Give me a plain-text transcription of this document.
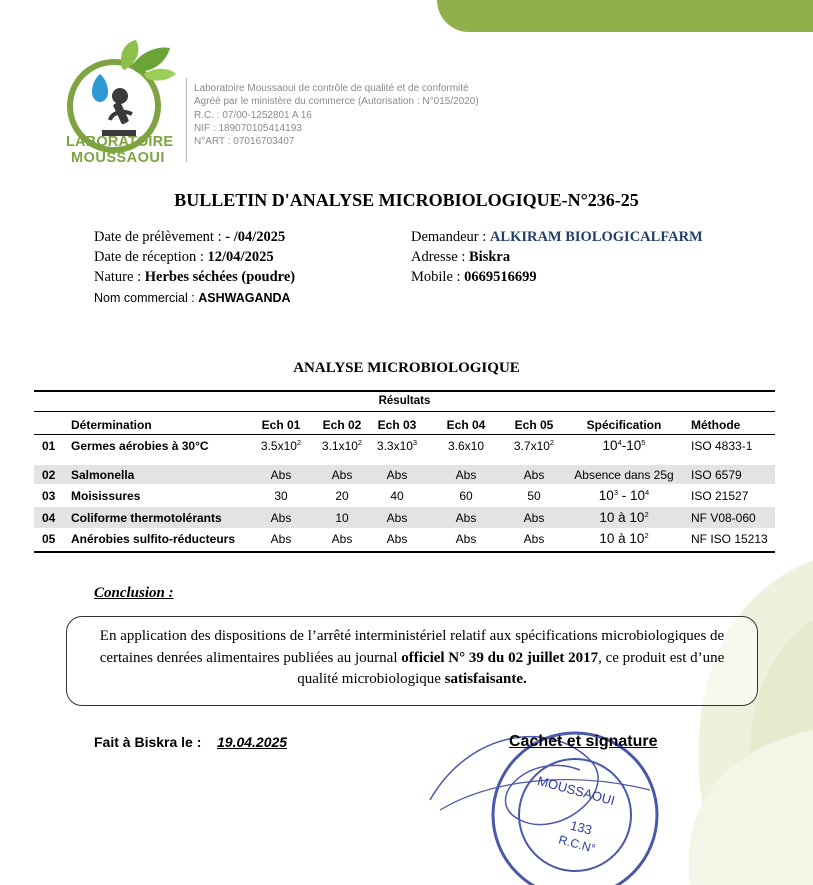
LABORATOIRE
MOUSSAOUI
Laboratoire Moussaoui de contrôle de qualité et de conformité
Agréé par le ministère du commerce (Autorisation : N°015/2020)
R.C. : 07/00-1252801 A 16
NIF : 189070105414193
N°ART : 07016703407
BULLETIN D'ANALYSE MICROBIOLOGIQUE-N°236-25
Date de prélèvement : - /04/2025
Date de réception : 12/04/2025
Nature : Herbes séchées (poudre)
Nom commercial : ASHWAGANDA
Demandeur : ALKIRAM BIOLOGICALFARM
Adresse : Biskra
Mobile : 0669516699
ANALYSE MICROBIOLOGIQUE
Résultats
Détermination	Ech 01	Ech 02	Ech 03	Ech 04	Ech 05	Spécification	Méthode
01 Germes aérobies à 30°C	$3.5x10^2$	$3.1x10^2$	$3.3x10^3$	3.6x10	$3.7x10^2$	$10^4-10^5$	ISO 4833-1
02 Salmonella	Abs	Abs	Abs	Abs	Abs	Absence dans 25g	ISO 6579
03 Moisissures	30	20	40	60	50	$10^3 - 10^4$	ISO 21527
04 Coliforme thermotolérants	Abs	10	Abs	Abs	Abs	10 à $10^2$	NF V08-060
05 Anérobies sulfito-réducteurs	Abs	Abs	Abs	Abs	Abs	10 à $10^2$	NF ISO 15213
Conclusion :
En application des dispositions de l’arrêté interministériel relatif aux spécifications microbiologiques de certaines denrées alimentaires publiées au journal officiel N° 39 du 02 juillet 2017, ce produit est d’une qualité microbiologique satisfaisante.
Fait à Biskra le : 19.04.2025
MOUSSAOUI
133
R.C.N°
Cachet et signature
